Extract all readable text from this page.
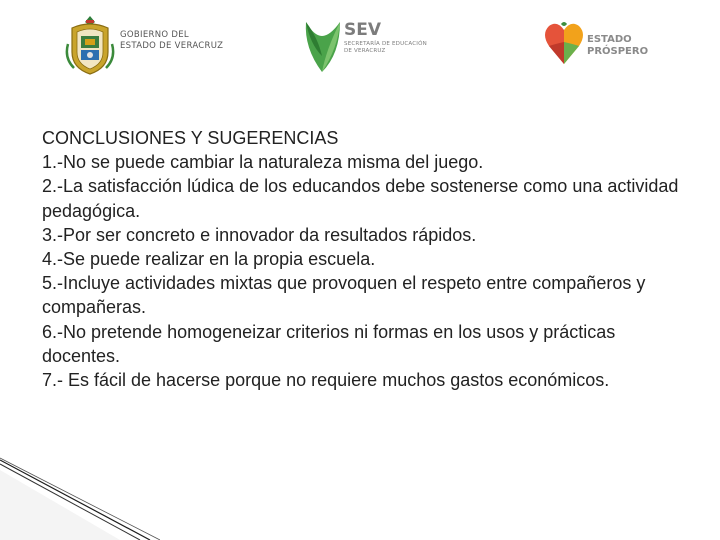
GOBIERNO DEL
ESTADO DE VERACRUZ
SEV
SECRETARÍA DE EDUCACIÓN
DE VERACRUZ
ESTADO
PRÓSPERO
CONCLUSIONES Y SUGERENCIAS
1.-No se puede cambiar la naturaleza misma del juego.
2.-La satisfacción lúdica de los educandos debe sostenerse como una actividad pedagógica.
3.-Por ser concreto e innovador da resultados rápidos.
4.-Se puede realizar en la propia escuela.
5.-Incluye actividades mixtas que provoquen el respeto entre compañeros y compañeras.
6.-No pretende homogeneizar criterios ni formas en los usos y prácticas docentes.
7.- Es fácil de hacerse porque no requiere muchos gastos económicos.
